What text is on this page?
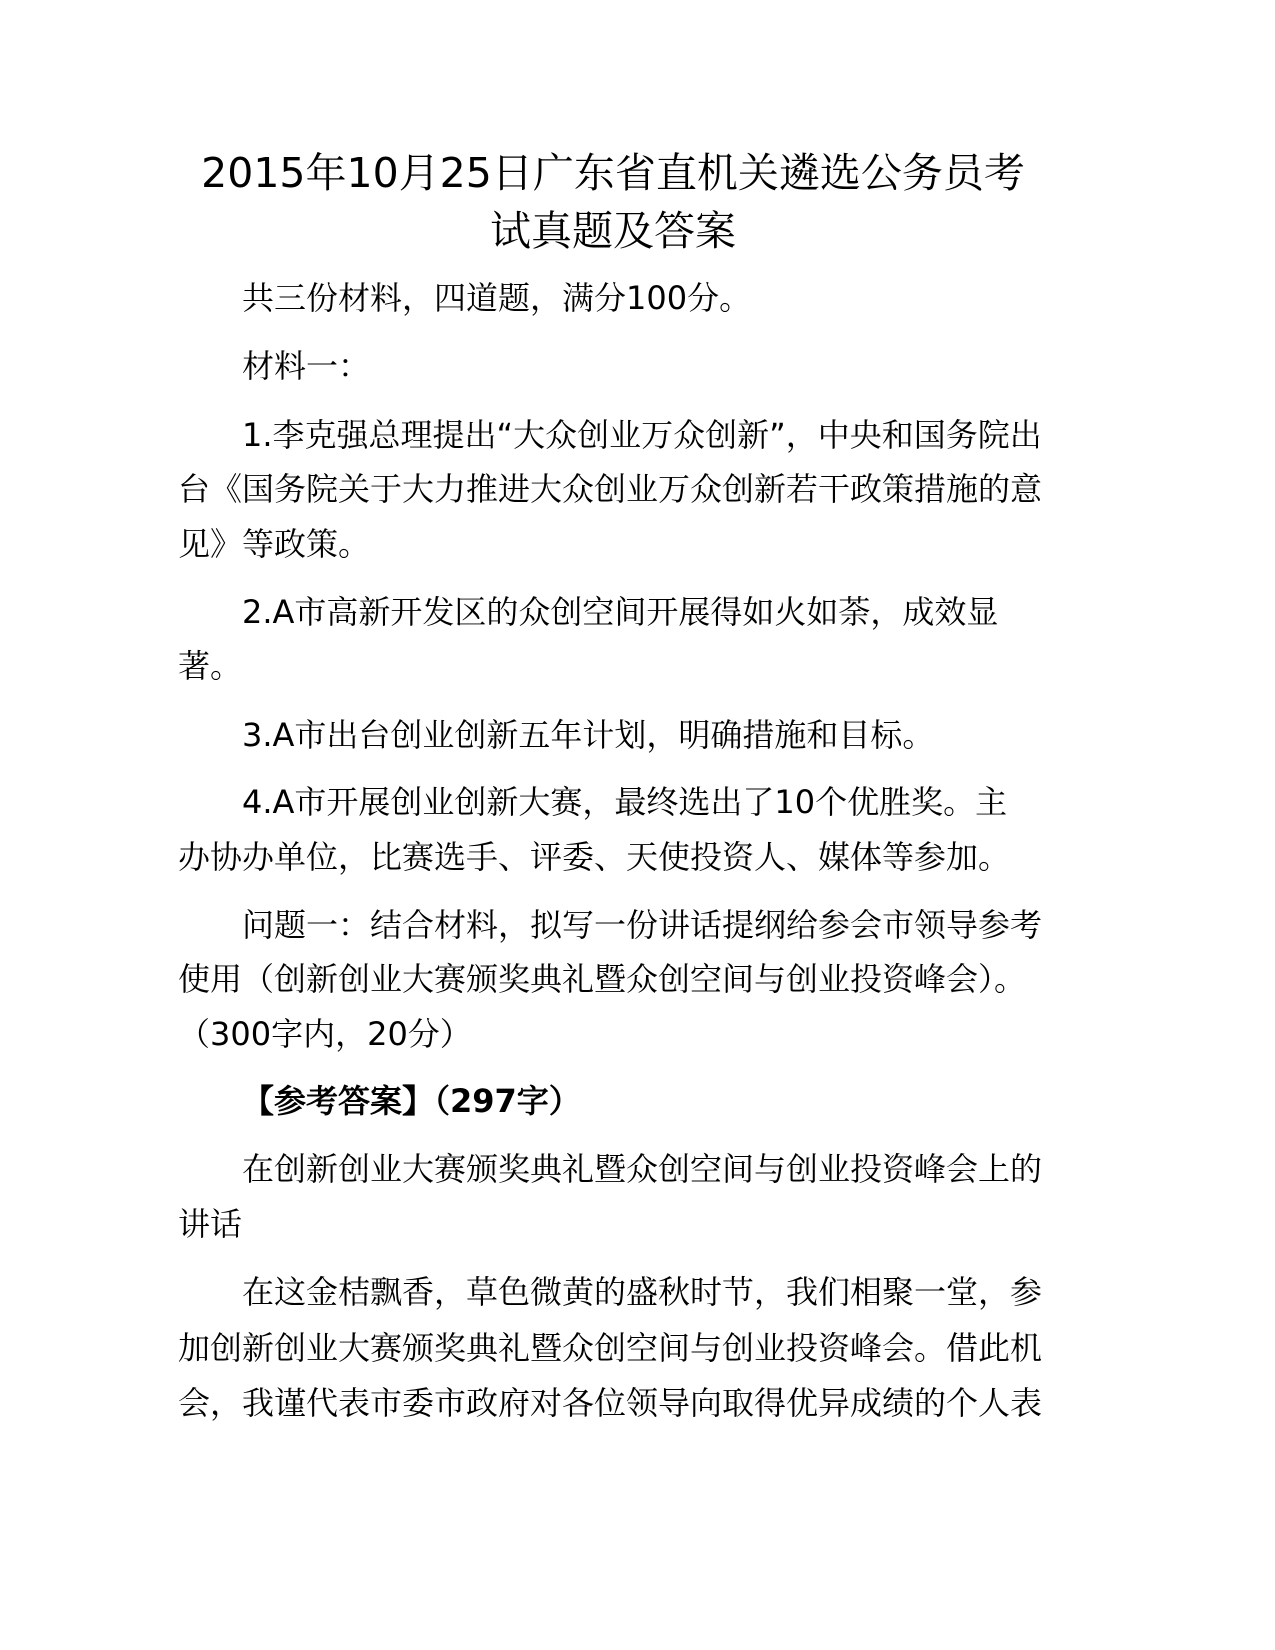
2015年10月25日广东省直机关遴选公务员考
试真题及答案

共三份材料，四道题，满分100分。

材料一：

1.李克强总理提出“大众创业万众创新”，中央和国务院出

台《国务院关于大力推进大众创业万众创新若干政策措施的意

见》等政策。

2.A市高新开发区的众创空间开展得如火如荼，成效显

著。

3.A市出台创业创新五年计划，明确措施和目标。

4.A市开展创业创新大赛，最终选出了10个优胜奖。主

办协办单位，比赛选手、评委、天使投资人、媒体等参加。

问题一：结合材料，拟写一份讲话提纲给参会市领导参考

使用（创新创业大赛颁奖典礼暨众创空间与创业投资峰会）。

（300字内，20分）

【参考答案】（297字）

在创新创业大赛颁奖典礼暨众创空间与创业投资峰会上的

讲话

在这金桔飘香，草色微黄的盛秋时节，我们相聚一堂，参

加创新创业大赛颁奖典礼暨众创空间与创业投资峰会。借此机

会，我谨代表市委市政府对各位领导向取得优异成绩的个人表
